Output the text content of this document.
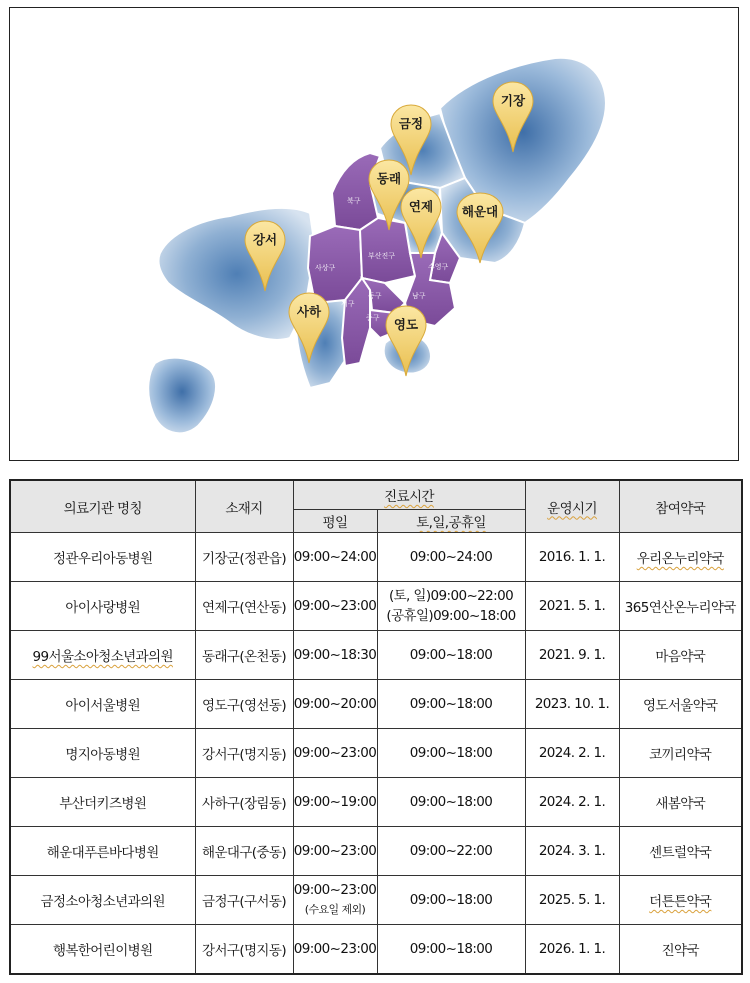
북구
사상구
부산진구
수영구
남구
서구
동구
중구
기장
금정
동래
연제 해운대
강서
사하
영도
의료기관 명칭	소재지	진료시간		운영시기	참여약국
		평일	토,일,공휴일		
정관우리아동병원	기장군(정관읍)	09:00~24:00	09:00~24:00	2016. 1. 1.	우리온누리약국
아이사랑병원	연제구(연산동)	09:00~23:00	(토, 일)09:00~22:00
(공휴일)09:00~18:00	2021. 5. 1.	365연산온누리약국
99서울소아청소년과의원	동래구(온천동)	09:00~18:30	09:00~18:00	2021. 9. 1.	마음약국
아이서울병원	영도구(영선동)	09:00~20:00	09:00~18:00	2023. 10. 1.	영도서울약국
명지아동병원	강서구(명지동)	09:00~23:00	09:00~18:00	2024. 2. 1.	코끼리약국
부산더키즈병원	사하구(장림동)	09:00~19:00	09:00~18:00	2024. 2. 1.	새봄약국
해운대푸른바다병원	해운대구(중동)	09:00~23:00	09:00~22:00	2024. 3. 1.	센트럴약국
금정소아청소년과의원	금정구(구서동)	09:00~23:00
(수요일 제외)	09:00~18:00	2025. 5. 1.	더튼튼약국
행복한어린이병원	강서구(명지동)	09:00~23:00	09:00~18:00	2026. 1. 1.	진약국
